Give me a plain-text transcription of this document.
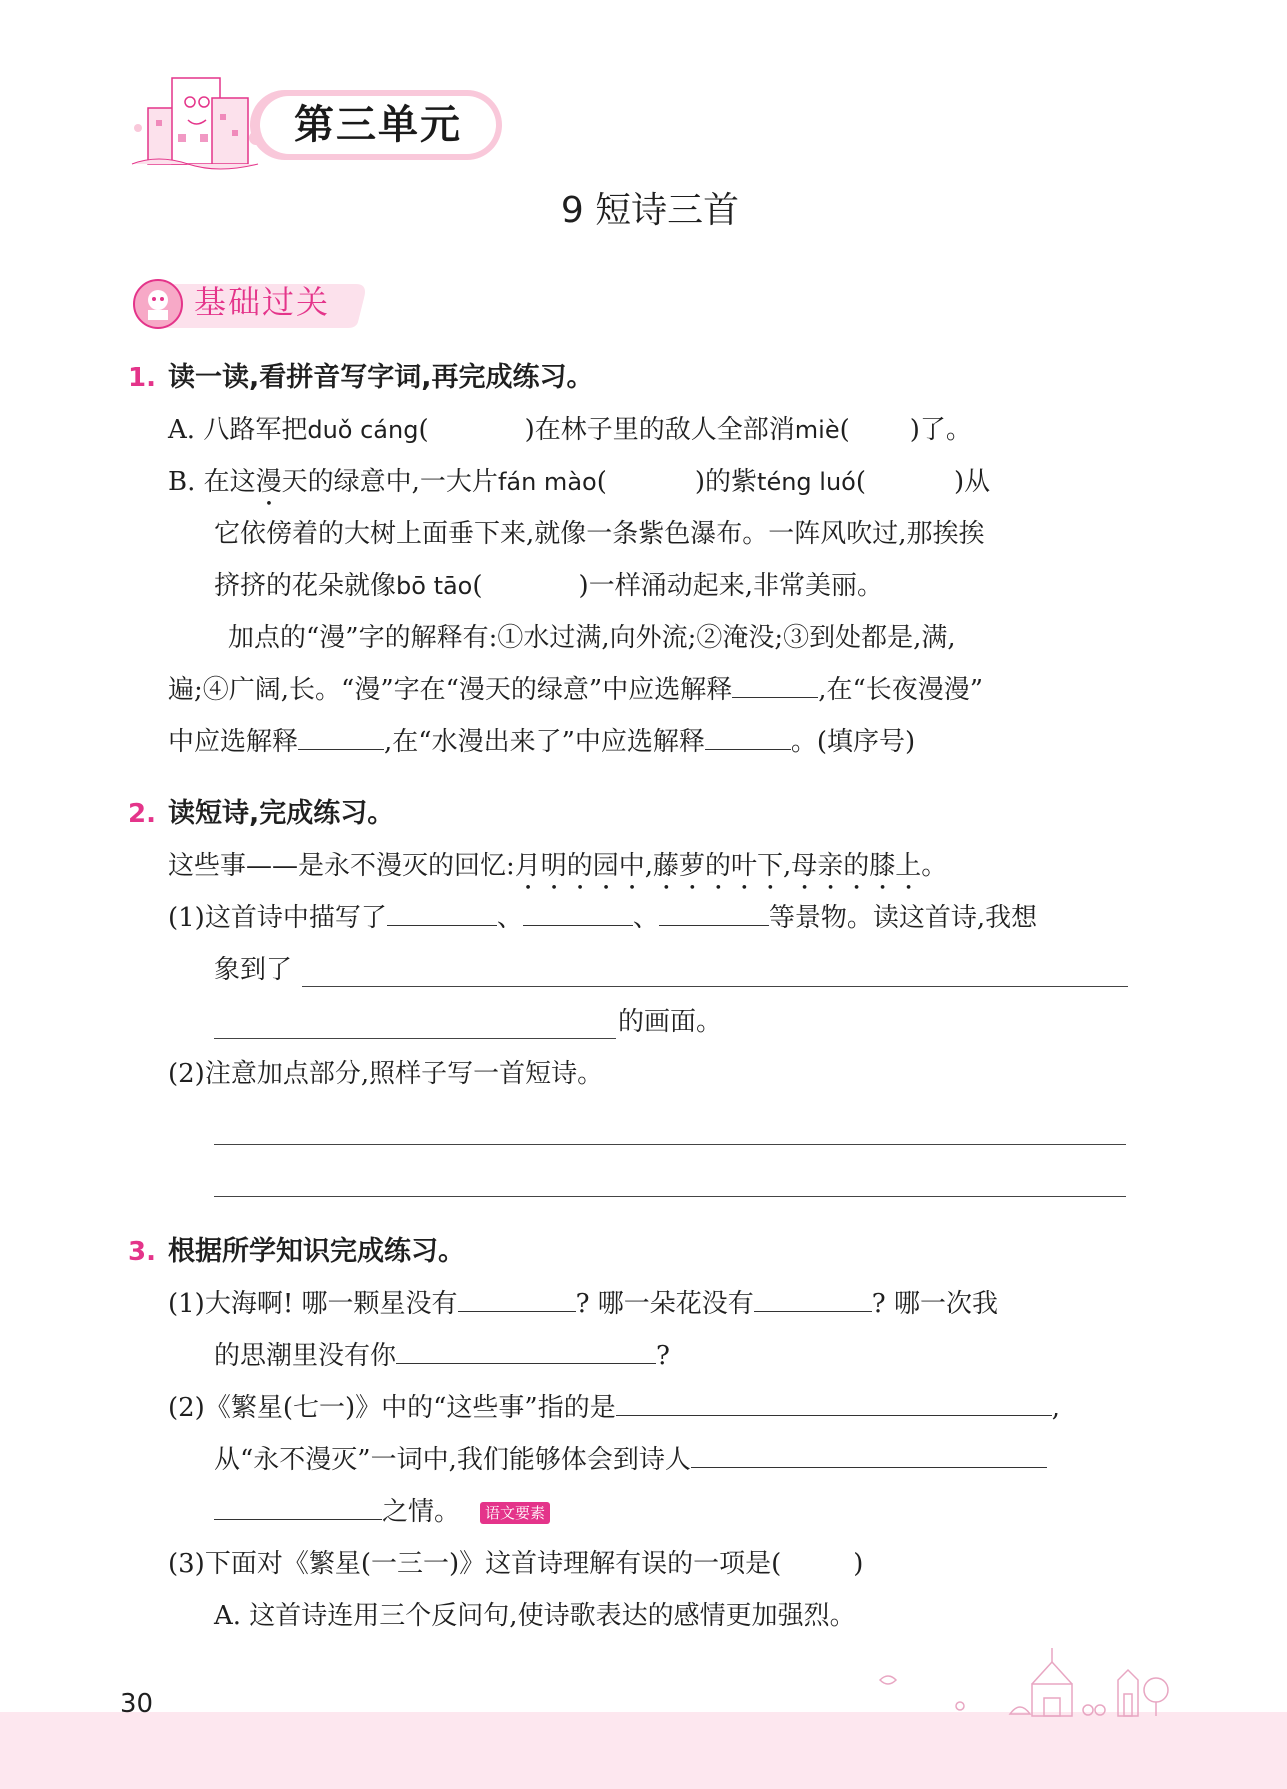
第三单元
9 短诗三首
基础过关
1. 读一读,看拼音写字词,再完成练习。
A. 八路军把duǒ cáng(	)在林子里的敌人全部消miè( )了。
B. 在这漫天的绿意中,一大片fán mào(	)的紫téng luó(	)从
它依傍着的大树上面垂下来,就像一条紫色瀑布。一阵风吹过,那挨挨
挤挤的花朵就像bō tāo(	)一样涌动起来,非常美丽。
加点的“漫”字的解释有:①水过满,向外流;②淹没;③到处都是,满,
遍;④广阔,长。“漫”字在“漫天的绿意”中应选解释	,在“长夜漫漫”
中应选解释	,在“水漫出来了”中应选解释	。(填序号)
2. 读短诗,完成练习。
这些事——是永不漫灭的回忆:月明的园中,藤萝的叶下,母亲的膝上。
(1)这首诗中描写了	、	、	等景物。读这首诗,我想
象到了
的画面。
(2)注意加点部分,照样子写一首短诗。
3. 根据所学知识完成练习。
(1)大海啊! 哪一颗星没有	? 哪一朵花没有	? 哪一次我
的思潮里没有你	?
(2)《繁星(七一)》中的“这些事”指的是	,
从“永不漫灭”一词中,我们能够体会到诗人
之情。 语文要素
(3)下面对《繁星(一三一)》这首诗理解有误的一项是(	)
A. 这首诗连用三个反问句,使诗歌表达的感情更加强烈。
30
